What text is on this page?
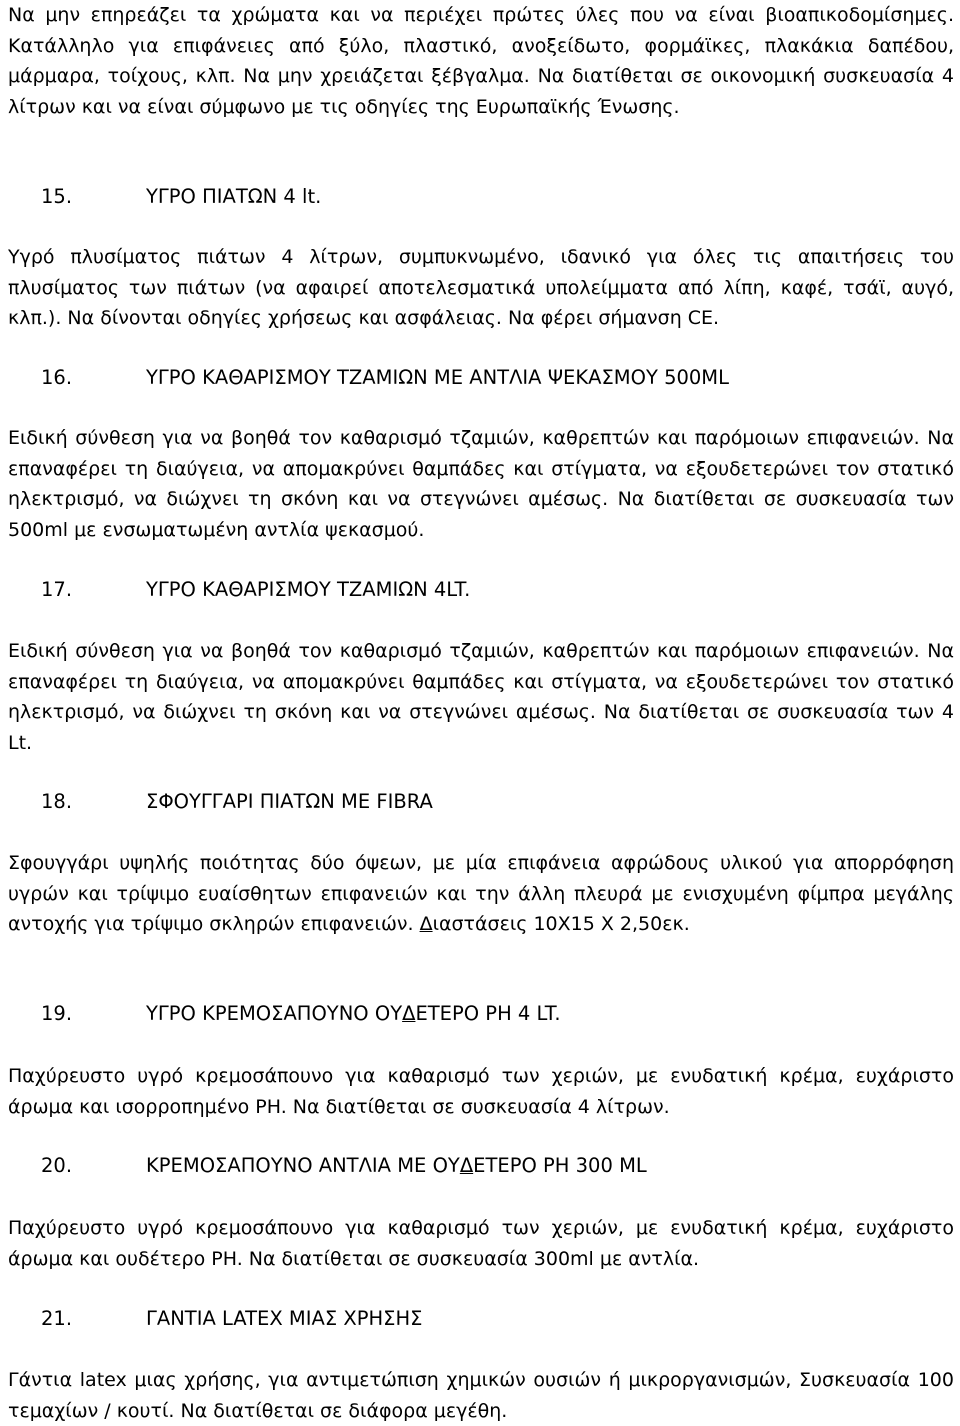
Να μην επηρεάζει τα χρώματα και να περιέχει πρώτες ύλες που να είναι βιοαπικοδομίσημες. Κατάλληλο για επιφάνειες από ξύλο, πλαστικό, ανοξείδωτο, φορμάϊκες, πλακάκια δαπέδου, μάρμαρα, τοίχους, κλπ. Να μην χρειάζεται ξέβγαλμα. Να διατίθεται σε οικονομική συσκευασία 4 λίτρων και να είναι σύμφωνο με τις οδηγίες της Ευρωπαϊκής Ένωσης.

15.	ΥΓΡΟ ΠΙΑΤΩΝ 4 lt.

Υγρό πλυσίματος πιάτων 4 λίτρων, συμπυκνωμένο, ιδανικό για όλες τις απαιτήσεις του πλυσίματος των πιάτων (να αφαιρεί αποτελεσματικά υπολείμματα από λίπη, καφέ, τσάϊ, αυγό, κλπ.). Να δίνονται οδηγίες χρήσεως και ασφάλειας. Να φέρει σήμανση CE.

16.	ΥΓΡΟ ΚΑΘΑΡΙΣΜΟΥ ΤΖΑΜΙΩΝ ΜΕ ΑΝΤΛΙΑ ΨΕΚΑΣΜΟΥ 500ML

Ειδική σύνθεση για να βοηθά τον καθαρισμό τζαμιών, καθρεπτών και παρόμοιων επιφανειών. Να επαναφέρει τη διαύγεια, να απομακρύνει θαμπάδες και στίγματα, να εξουδετερώνει τον στατικό ηλεκτρισμό, να διώχνει τη σκόνη και να στεγνώνει αμέσως. Να διατίθεται σε συσκευασία των 500ml με ενσωματωμένη αντλία ψεκασμού.

17.	ΥΓΡΟ ΚΑΘΑΡΙΣΜΟΥ ΤΖΑΜΙΩΝ 4LT.

Ειδική σύνθεση για να βοηθά τον καθαρισμό τζαμιών, καθρεπτών και παρόμοιων επιφανειών. Να επαναφέρει τη διαύγεια, να απομακρύνει θαμπάδες και στίγματα, να εξουδετερώνει τον στατικό ηλεκτρισμό, να διώχνει τη σκόνη και να στεγνώνει αμέσως. Να διατίθεται σε συσκευασία των 4 Lt.

18.	ΣΦΟΥΓΓΑΡΙ ΠΙΑΤΩΝ ΜΕ FIBRA

Σφουγγάρι υψηλής ποιότητας δύο όψεων, με μία επιφάνεια αφρώδους υλικού για απορρόφηση υγρών και τρίψιμο ευαίσθητων επιφανειών και την άλλη πλευρά με ενισχυμένη φίμπρα μεγάλης αντοχής για τρίψιμο σκληρών επιφανειών. Διαστάσεις 10Χ15 Χ 2,50εκ.

19.	ΥΓΡΟ ΚΡΕΜΟΣΑΠΟΥΝΟ ΟΥΔΕΤΕΡΟ PH 4 LT.

Παχύρευστο υγρό κρεμοσάπουνο για καθαρισμό των χεριών, με ενυδατική κρέμα, ευχάριστο άρωμα και ισορροπημένο PH. Να διατίθεται σε συσκευασία 4 λίτρων.

20.	ΚΡΕΜΟΣΑΠΟΥΝΟ ΑΝΤΛΙΑ ΜΕ ΟΥΔΕΤΕΡΟ PH 300 ML

Παχύρευστο υγρό κρεμοσάπουνο για καθαρισμό των χεριών, με ενυδατική κρέμα, ευχάριστο άρωμα και ουδέτερο PH. Να διατίθεται σε συσκευασία 300ml με αντλία.

21.	ΓΑΝΤΙΑ LATEX ΜΙΑΣ ΧΡΗΣΗΣ

Γάντια latex μιας χρήσης, για αντιμετώπιση χημικών ουσιών ή μικροργανισμών, Συσκευασία 100 τεμαχίων / κουτί. Να διατίθεται σε διάφορα μεγέθη.
